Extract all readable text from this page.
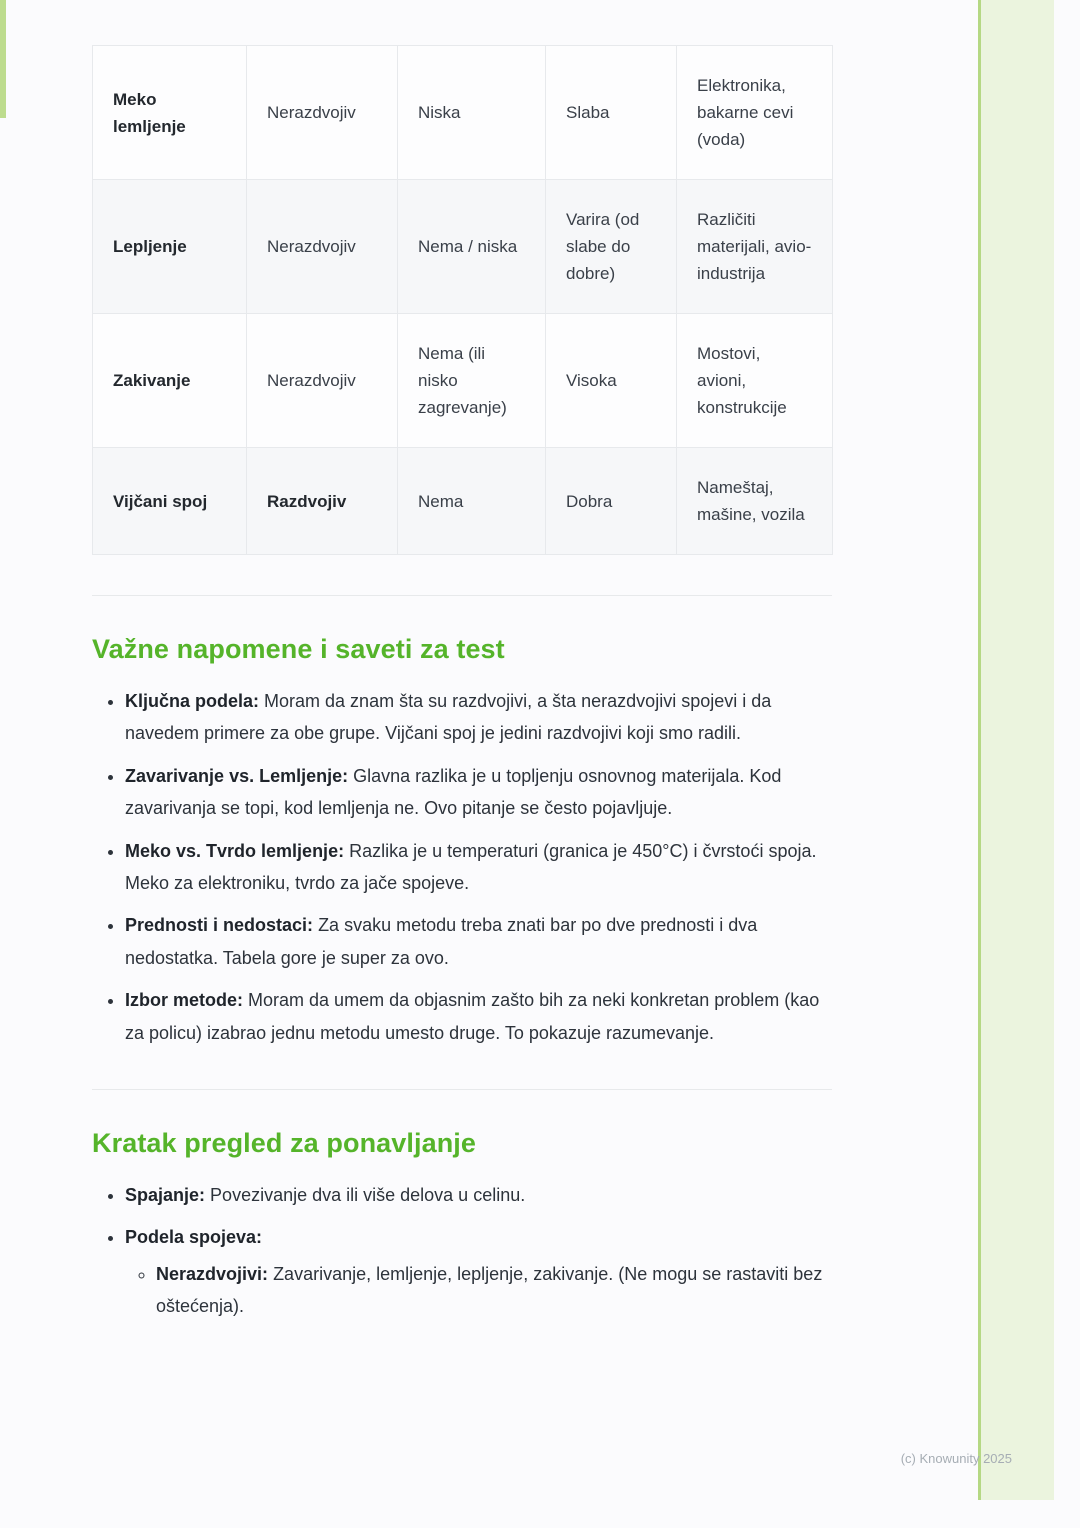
Meko lemljenje	Nerazdvojiv	Niska	Slaba	Elektronika, bakarne cevi (voda)
Lepljenje	Nerazdvojiv	Nema / niska	Varira (od slabe do dobre)	Različiti materijali, avio-industrija
Zakivanje	Nerazdvojiv	Nema (ili nisko zagrevanje)	Visoka	Mostovi, avioni, konstrukcije
Vijčani spoj	Razdvojiv	Nema	Dobra	Nameštaj, mašine, vozila
Važne napomene i saveti za test
• Ključna podela: Moram da znam šta su razdvojivi, a šta nerazdvojivi spojevi i da navedem primere za obe grupe. Vijčani spoj je jedini razdvojivi koji smo radili.
• Zavarivanje vs. Lemljenje: Glavna razlika je u topljenju osnovnog materijala. Kod zavarivanja se topi, kod lemljenja ne. Ovo pitanje se često pojavljuje.
• Meko vs. Tvrdo lemljenje: Razlika je u temperaturi (granica je 450°C) i čvrstoći spoja. Meko za elektroniku, tvrdo za jače spojeve.
• Prednosti i nedostaci: Za svaku metodu treba znati bar po dve prednosti i dva nedostatka. Tabela gore je super za ovo.
• Izbor metode: Moram da umem da objasnim zašto bih za neki konkretan problem (kao za policu) izabrao jednu metodu umesto druge. To pokazuje razumevanje.
Kratak pregled za ponavljanje
• Spajanje: Povezivanje dva ili više delova u celinu.
• Podela spojeva:
◦ Nerazdvojivi: Zavarivanje, lemljenje, lepljenje, zakivanje. (Ne mogu se rastaviti bez oštećenja).
(c) Knowunity 2025
